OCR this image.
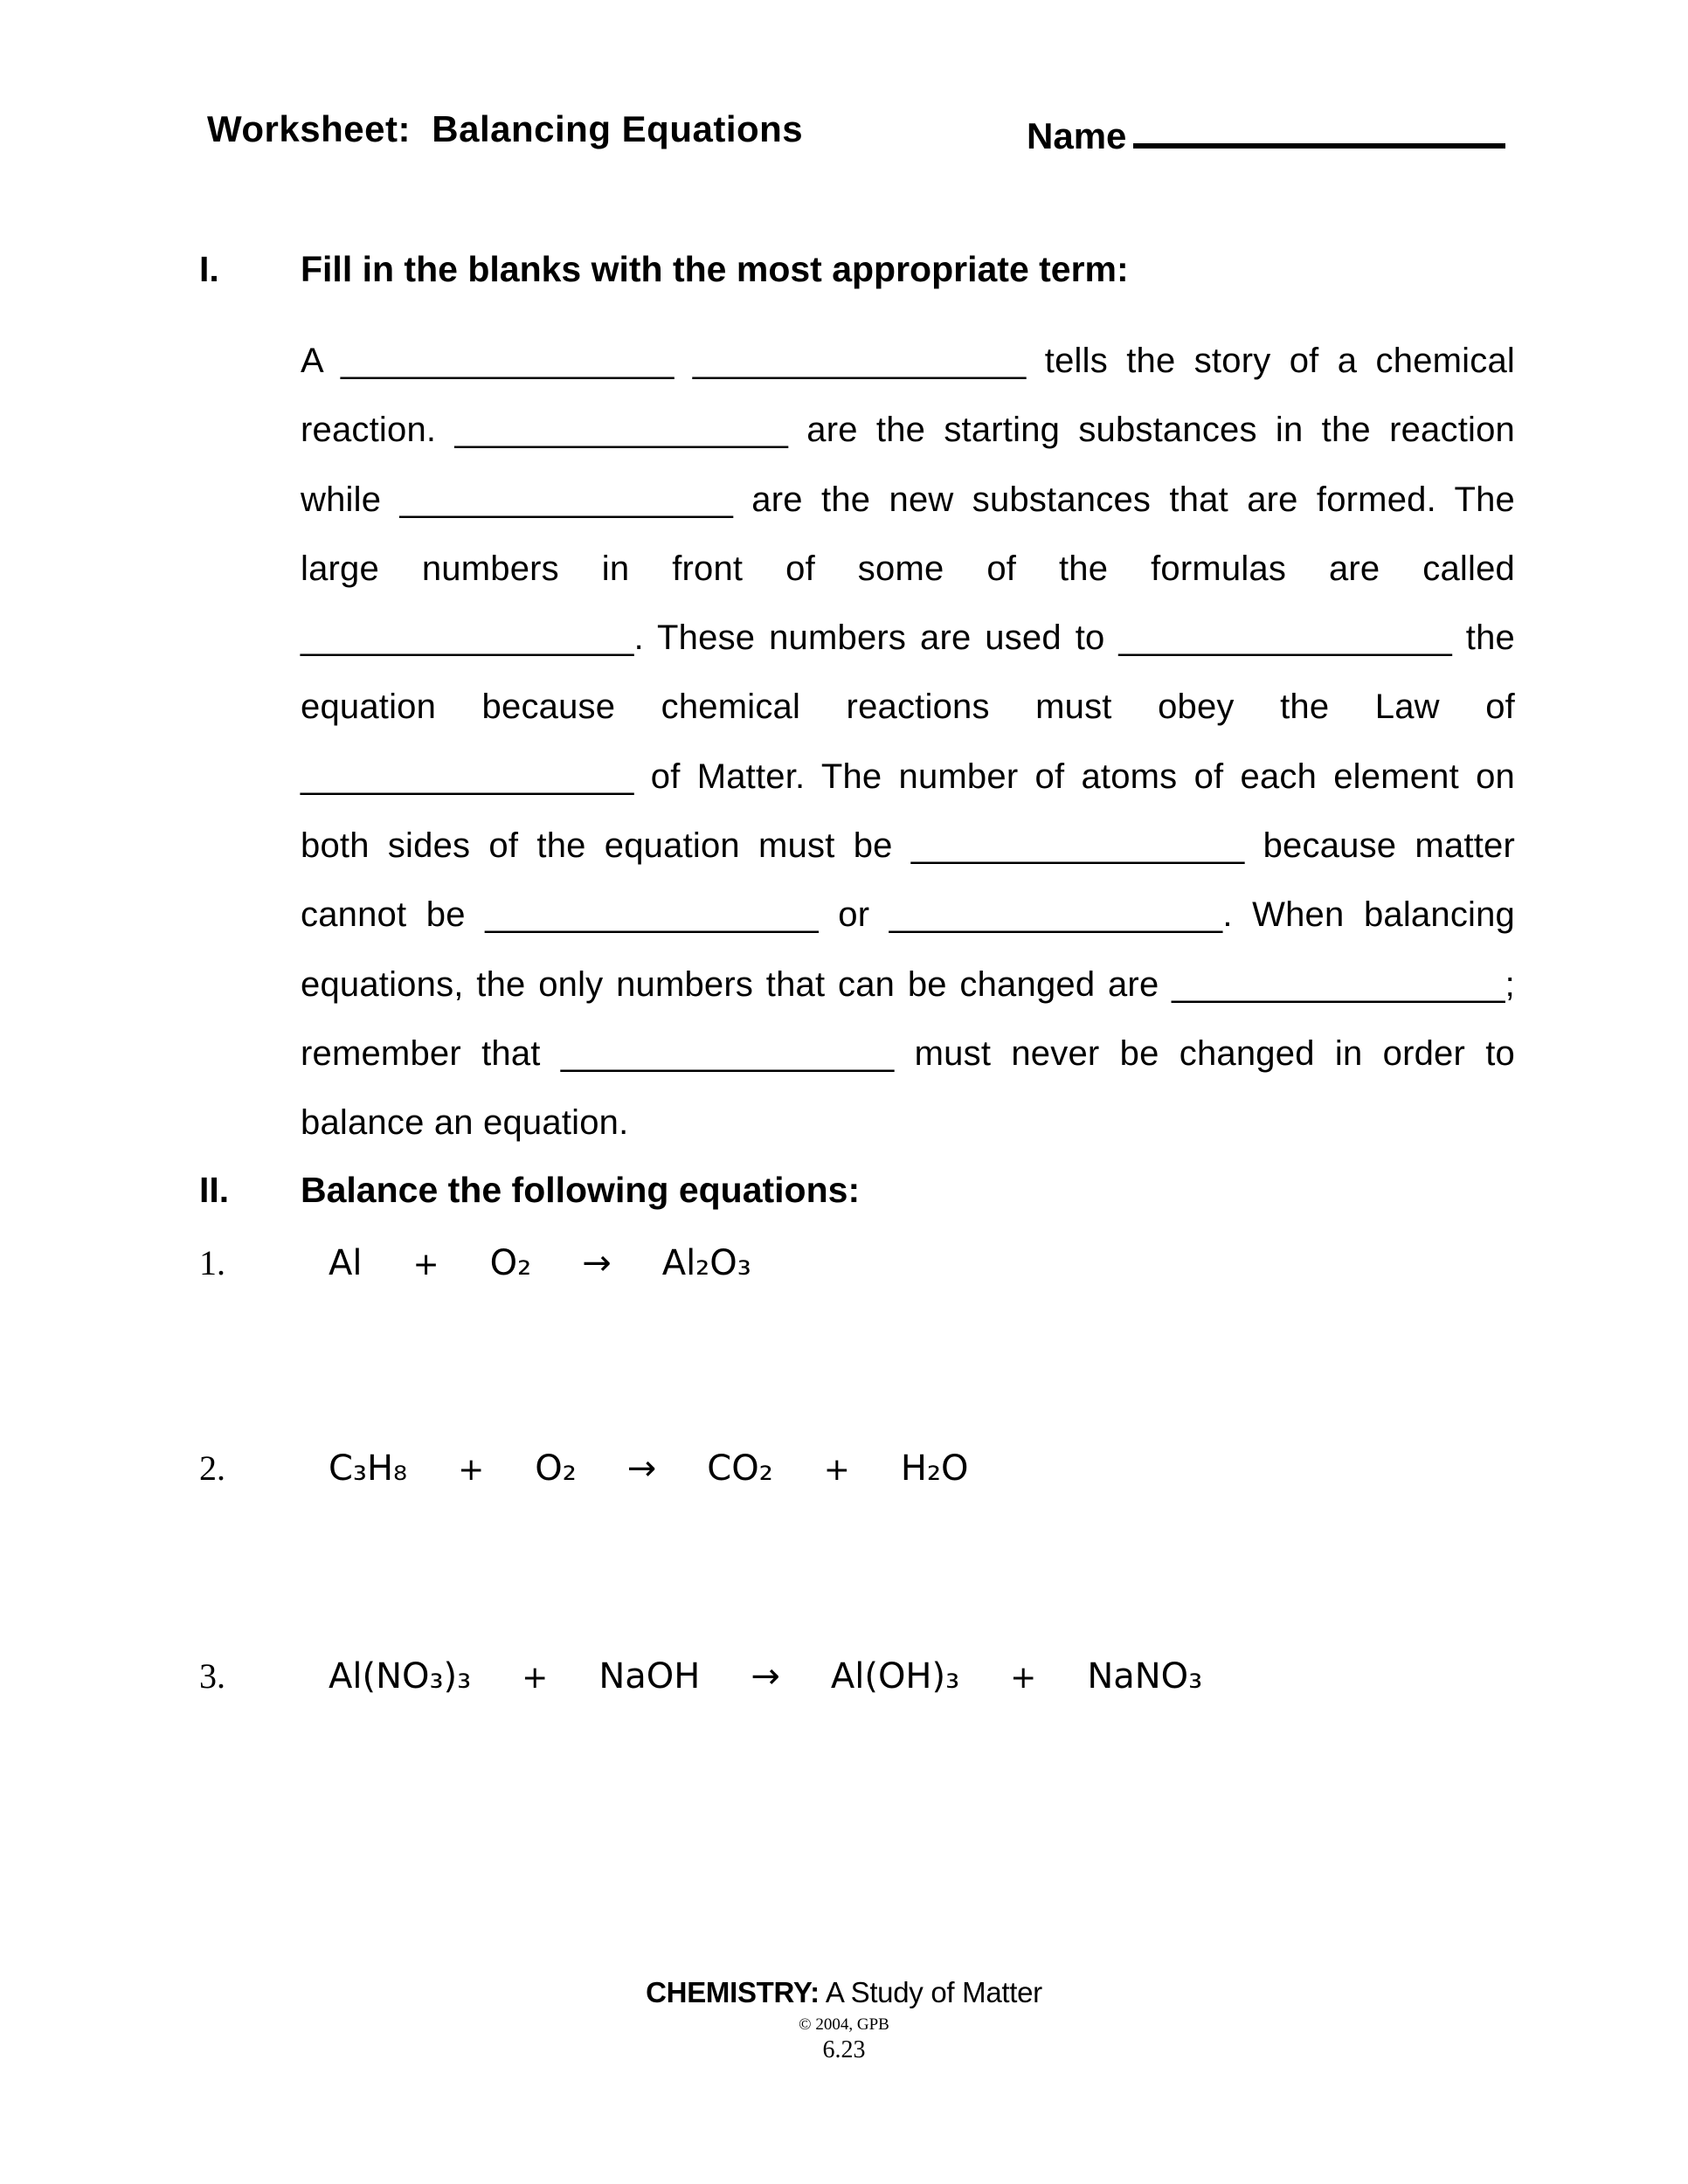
Worksheet:  Balancing Equations	Name
I. Fill in the blanks with the most appropriate term:
A _________________ _________________ tells the story of a chemical
reaction. _________________ are the starting substances in the reaction
while _________________ are the new substances that are formed. The
large numbers in front of some of the formulas are called
_________________. These numbers are used to _________________ the
equation because chemical reactions must obey the Law of
_________________ of Matter. The number of atoms of each element on
both sides of the equation must be _________________ because matter
cannot be _________________ or _________________. When balancing
equations, the only numbers that can be changed are _________________;
remember that _________________ must never be changed in order to
balance an equation.
II. Balance the following equations:
1.	Al + O₂ → Al₂O₃
2.	C₃H₈ + O₂ → CO₂ + H₂O
3.	Al(NO₃)₃ + NaOH → Al(OH)₃ + NaNO₃
CHEMISTRY: A Study of Matter
© 2004, GPB
6.23
